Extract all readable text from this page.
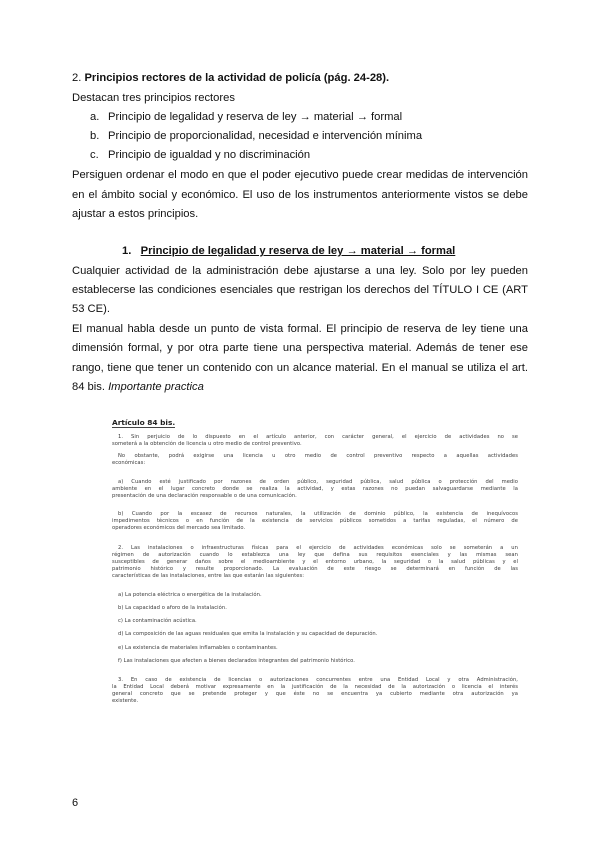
2. Principios rectores de la actividad de policía (pág. 24-28).
Destacan tres principios rectores
a. Principio de legalidad y reserva de ley → material → formal
b. Principio de proporcionalidad, necesidad e intervención mínima
c. Principio de igualdad y no discriminación
Persiguen ordenar el modo en que el poder ejecutivo puede crear medidas de intervención
en el ámbito social y económico. El uso de los instrumentos anteriormente vistos se debe
ajustar a estos principios.
1. Principio de legalidad y reserva de ley → material → formal
Cualquier actividad de la administración debe ajustarse a una ley. Solo por ley pueden
establecerse las condiciones esenciales que restrigan los derechos del TÍTULO I CE (ART
53 CE).
El manual habla desde un punto de vista formal. El principio de reserva de ley tiene una
dimensión formal, y por otra parte tiene una perspectiva material. Además de tener ese
rango, tiene que tener un contenido con un alcance material. En el manual se utiliza el art.
84 bis. Importante practica
Artículo 84 bis.
1. Sin perjuicio de lo dispuesto en el artículo anterior, con carácter general, el ejercicio de actividades no se
someterá a la obtención de licencia u otro medio de control preventivo.
No obstante, podrá exigirse una licencia u otro medio de control preventivo respecto a aquellas actividades
económicas:
a) Cuando esté justificado por razones de orden público, seguridad pública, salud pública o protección del medio
ambiente en el lugar concreto donde se realiza la actividad, y estas razones no puedan salvaguardarse mediante la
presentación de una declaración responsable o de una comunicación.
b) Cuando por la escasez de recursos naturales, la utilización de dominio público, la existencia de inequívocos
impedimentos técnicos o en función de la existencia de servicios públicos sometidos a tarifas reguladas, el número de
operadores económicos del mercado sea limitado.
2. Las instalaciones o infraestructuras físicas para el ejercicio de actividades económicas solo se someterán a un
régimen de autorización cuando lo establezca una ley que defina sus requisitos esenciales y las mismas sean
susceptibles de generar daños sobre el medioambiente y el entorno urbano, la seguridad o la salud públicas y el
patrimonio histórico y resulte proporcionado. La evaluación de este riesgo se determinará en función de las
características de las instalaciones, entre las que estarán las siguientes:
a) La potencia eléctrica o energética de la instalación.
b) La capacidad o aforo de la instalación.
c) La contaminación acústica.
d) La composición de las aguas residuales que emita la instalación y su capacidad de depuración.
e) La existencia de materiales inflamables o contaminantes.
f) Las instalaciones que afecten a bienes declarados integrantes del patrimonio histórico.
3. En caso de existencia de licencias o autorizaciones concurrentes entre una Entidad Local y otra Administración,
la Entidad Local deberá motivar expresamente en la justificación de la necesidad de la autorización o licencia el interés
general concreto que se pretende proteger y que éste no se encuentra ya cubierto mediante otra autorización ya
existente.
6
